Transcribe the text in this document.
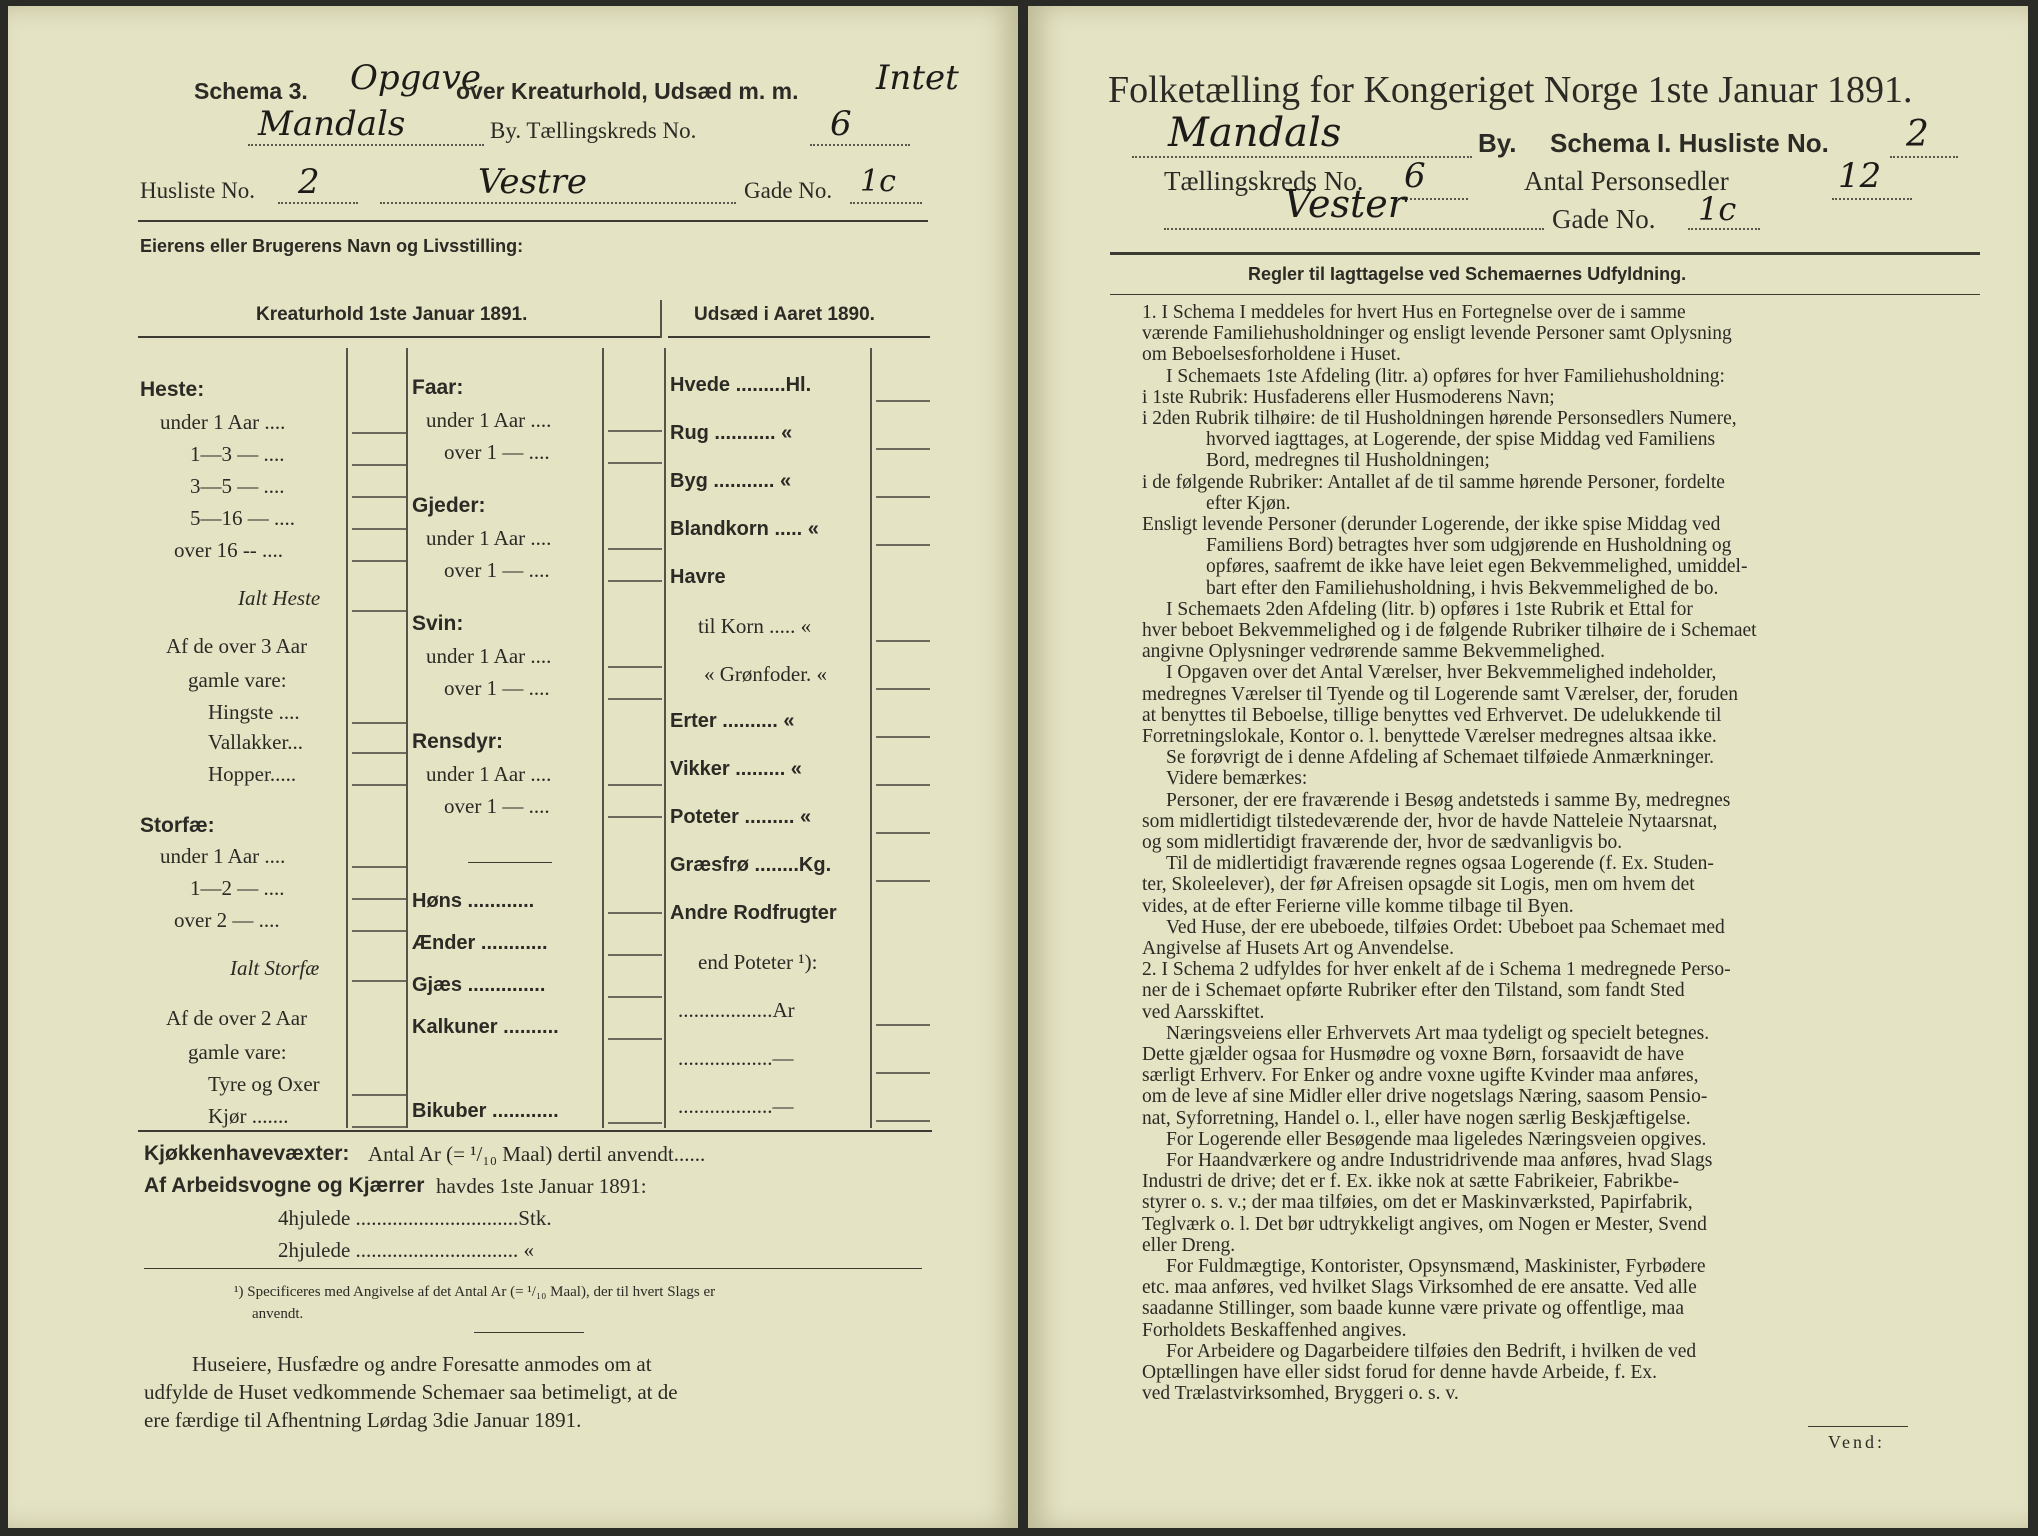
Schema 3. Opgave
over Kreaturhold, Udsæd m. m. Intet
Mandals	By. Tællingskreds No.	6
Husliste No. 2	Vestre	Gade No. 1c
Eierens eller Brugerens Navn og Livsstilling:
Kreaturhold 1ste Januar 1891.	Udsæd i Aaret 1890.
Heste:
under 1 Aar ....
1—3 — ....
3—5 — ....
5—16 — ....
over 16 -- ....
Ialt Heste
Af de over 3 Aar
gamle vare:
Hingste ....
Vallakker...
Hopper.....
Storfæ:
under 1 Aar ....
1—2 — ....
over 2 — ....
Ialt Storfæ
Af de over 2 Aar
gamle vare:
Tyre og Oxer
Kjør .......
Faar:
under 1 Aar ....
over 1 — ....
Gjeder:
under 1 Aar ....
over 1 — ....
Svin:
under 1 Aar ....
over 1 — ....
Rensdyr:
under 1 Aar ....
over 1 — ....
Høns ............
Ænder ............
Gjæs ..............
Kalkuner ..........
Bikuber ............
Hvede .........Hl.
Rug ........... «
Byg ........... «
Blandkorn ..... «
Havre
til Korn ..... «
« Grønfoder. «
Erter .......... «
Vikker ......... «
Poteter ......... «
Græsfrø ........Kg.
Andre Rodfrugter
end Poteter ¹):
..................Ar
..................—
..................—
Kjøkkenhavevæxter: Antal Ar (= ¹/₁₀ Maal) dertil anvendt......
Af Arbeidsvogne og Kjærrer havdes 1ste Januar 1891:
4hjulede ...............................Stk.
2hjulede ............................... «
¹) Specificeres med Angivelse af det Antal Ar (= ¹/₁₀ Maal), der til hvert Slags er
anvendt.
Huseiere, Husfædre og andre Foresatte anmodes om at
udfylde de Huset vedkommende Schemaer saa betimeligt, at de
ere færdige til Afhentning Lørdag 3die Januar 1891.
Folketælling for Kongeriget Norge 1ste Januar 1891.
Mandals	By. Schema I. Husliste No. 2
Tællingskreds No. 6	Antal Personsedler	12
Vester	Gade No. 1c
Regler til Iagttagelse ved Schemaernes Udfyldning.
1. I Schema I meddeles for hvert Hus en Fortegnelse over de i samme
værende Familiehusholdninger og ensligt levende Personer samt Oplysning
om Beboelsesforholdene i Huset.
I Schemaets 1ste Afdeling (litr. a) opføres for hver Familiehusholdning:
i 1ste Rubrik: Husfaderens eller Husmoderens Navn;
i 2den Rubrik tilhøire: de til Husholdningen hørende Personsedlers Numere,
hvorved iagttages, at Logerende, der spise Middag ved Familiens
Bord, medregnes til Husholdningen;
i de følgende Rubriker: Antallet af de til samme hørende Personer, fordelte
efter Kjøn.
Ensligt levende Personer (derunder Logerende, der ikke spise Middag ved
Familiens Bord) betragtes hver som udgjørende en Husholdning og
opføres, saafremt de ikke have leiet egen Bekvemmelighed, umiddel-
bart efter den Familiehusholdning, i hvis Bekvemmelighed de bo.
I Schemaets 2den Afdeling (litr. b) opføres i 1ste Rubrik et Ettal for
hver beboet Bekvemmelighed og i de følgende Rubriker tilhøire de i Schemaet
angivne Oplysninger vedrørende samme Bekvemmelighed.
I Opgaven over det Antal Værelser, hver Bekvemmelighed indeholder,
medregnes Værelser til Tyende og til Logerende samt Værelser, der, foruden
at benyttes til Beboelse, tillige benyttes ved Erhvervet. De udelukkende til
Forretningslokale, Kontor o. l. benyttede Værelser medregnes altsaa ikke.
Se forøvrigt de i denne Afdeling af Schemaet tilføiede Anmærkninger.
Videre bemærkes:
Personer, der ere fraværende i Besøg andetsteds i samme By, medregnes
som midlertidigt tilstedeværende der, hvor de havde Natteleie Nytaarsnat,
og som midlertidigt fraværende der, hvor de sædvanligvis bo.
Til de midlertidigt fraværende regnes ogsaa Logerende (f. Ex. Studen-
ter, Skoleelever), der før Afreisen opsagde sit Logis, men om hvem det
vides, at de efter Ferierne ville komme tilbage til Byen.
Ved Huse, der ere ubeboede, tilføies Ordet: Ubeboet paa Schemaet med
Angivelse af Husets Art og Anvendelse.
2. I Schema 2 udfyldes for hver enkelt af de i Schema 1 medregnede Perso-
ner de i Schemaet opførte Rubriker efter den Tilstand, som fandt Sted
ved Aarsskiftet.
Næringsveiens eller Erhvervets Art maa tydeligt og specielt betegnes.
Dette gjælder ogsaa for Husmødre og voxne Børn, forsaavidt de have
særligt Erhverv. For Enker og andre voxne ugifte Kvinder maa anføres,
om de leve af sine Midler eller drive nogetslags Næring, saasom Pensio-
nat, Syforretning, Handel o. l., eller have nogen særlig Beskjæftigelse.
For Logerende eller Besøgende maa ligeledes Næringsveien opgives.
For Haandværkere og andre Industridrivende maa anføres, hvad Slags
Industri de drive; det er f. Ex. ikke nok at sætte Fabrikeier, Fabrikbe-
styrer o. s. v.; der maa tilføies, om det er Maskinværksted, Papirfabrik,
Teglværk o. l. Det bør udtrykkeligt angives, om Nogen er Mester, Svend
eller Dreng.
For Fuldmægtige, Kontorister, Opsynsmænd, Maskinister, Fyrbødere
etc. maa anføres, ved hvilket Slags Virksomhed de ere ansatte. Ved alle
saadanne Stillinger, som baade kunne være private og offentlige, maa
Forholdets Beskaffenhed angives.
For Arbeidere og Dagarbeidere tilføies den Bedrift, i hvilken de ved
Optællingen have eller sidst forud for denne havde Arbeide, f. Ex.
ved Trælastvirksomhed, Bryggeri o. s. v.
Vend:
